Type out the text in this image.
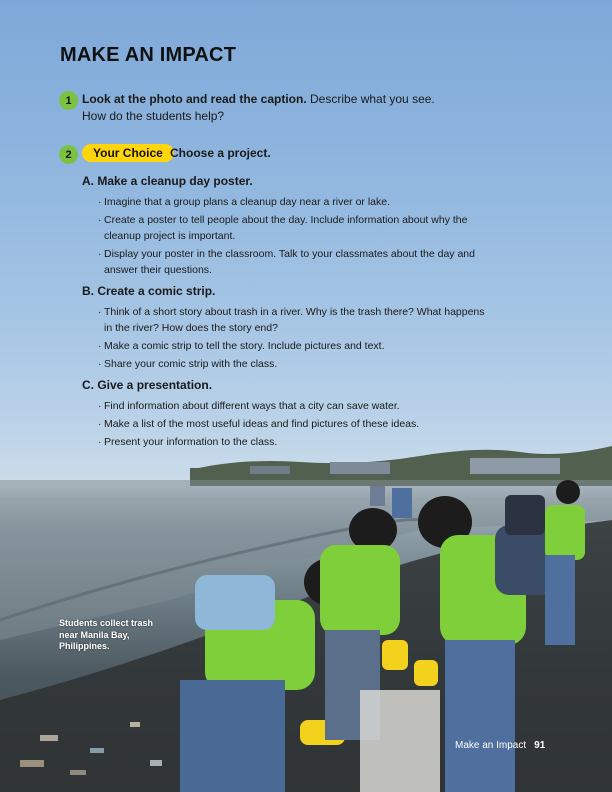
MAKE AN IMPACT
1 Look at the photo and read the caption. Describe what you see.
How do the students help?
2	Your Choice Choose a project.
A. Make a cleanup day poster.
· Imagine that a group plans a cleanup day near a river or lake.
· Create a poster to tell people about the day. Include information about why the
cleanup project is important.
· Display your poster in the classroom. Talk to your classmates about the day and
answer their questions.
B. Create a comic strip.
· Think of a short story about trash in a river. Why is the trash there? What happens
in the river? How does the story end?
· Make a comic strip to tell the story. Include pictures and text.
· Share your comic strip with the class.
C. Give a presentation.
· Find information about different ways that a city can save water.
· Make a list of the most useful ideas and find pictures of these ideas.
· Present your information to the class.
Students collect trash
near Manila Bay,
Philippines.
Make an Impact 91
